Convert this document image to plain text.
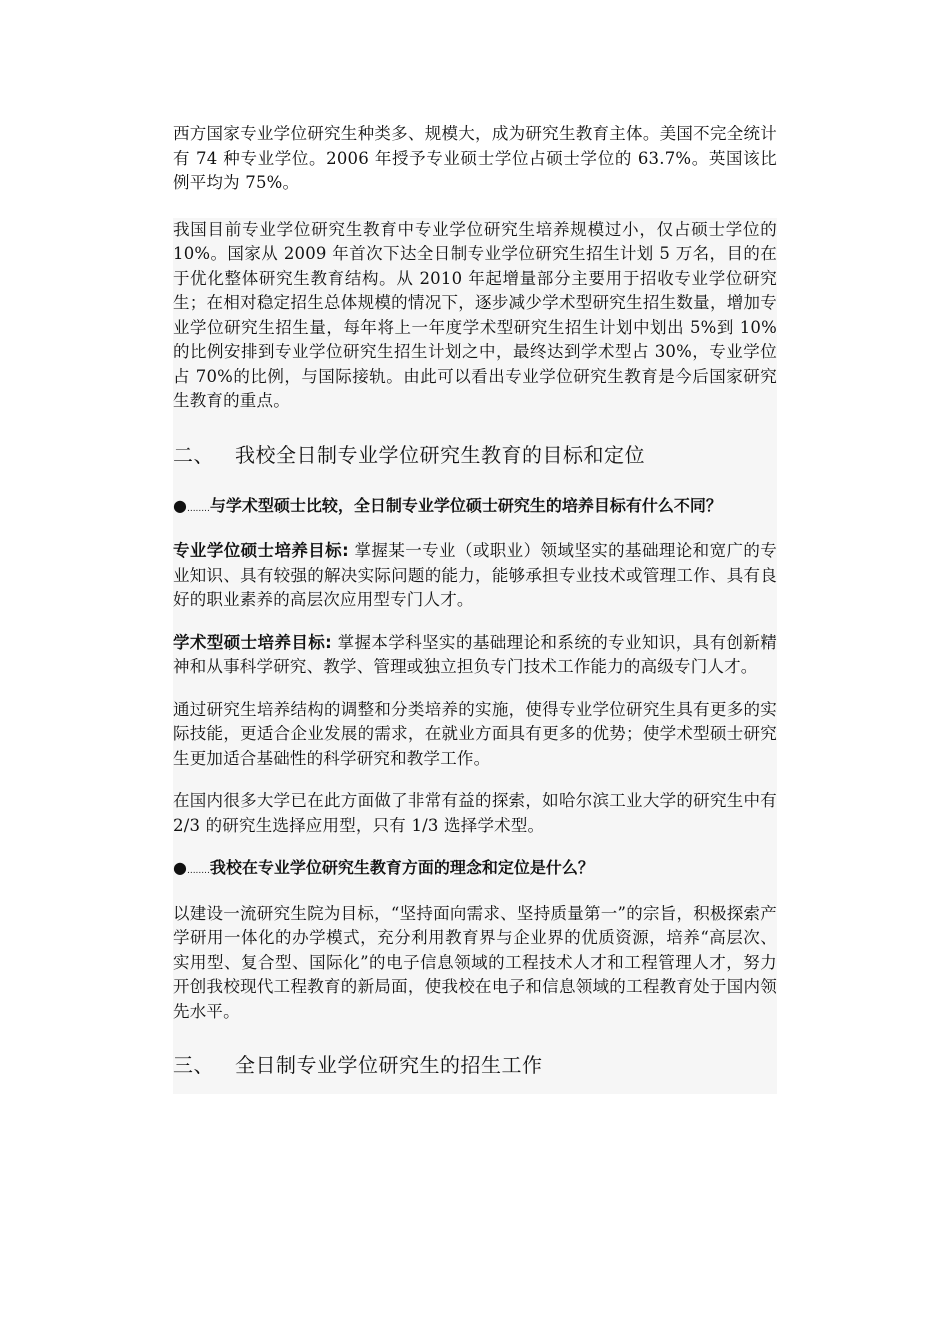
西方国家专业学位研究生种类多、规模大，成为研究生教育主体。美国不完全统计有 74 种专业学位。2006 年授予专业硕士学位占硕士学位的 63.7%。英国该比例平均为 75%。

我国目前专业学位研究生教育中专业学位研究生培养规模过小，仅占硕士学位的 10%。国家从 2009 年首次下达全日制专业学位研究生招生计划 5 万名，目的在于优化整体研究生教育结构。从 2010 年起增量部分主要用于招收专业学位研究生；在相对稳定招生总体规模的情况下，逐步减少学术型研究生招生数量，增加专业学位研究生招生量，每年将上一年度学术型研究生招生计划中划出 5%到 10%的比例安排到专业学位研究生招生计划之中，最终达到学术型占 30%，专业学位占 70%的比例，与国际接轨。由此可以看出专业学位研究生教育是今后国家研究生教育的重点。

二、 我校全日制专业学位研究生教育的目标和定位

●........与学术型硕士比较，全日制专业学位硕士研究生的培养目标有什么不同？

专业学位硕士培养目标: 掌握某一专业（或职业）领域坚实的基础理论和宽广的专业知识、具有较强的解决实际问题的能力，能够承担专业技术或管理工作、具有良好的职业素养的高层次应用型专门人才。

学术型硕士培养目标: 掌握本学科坚实的基础理论和系统的专业知识，具有创新精神和从事科学研究、教学、管理或独立担负专门技术工作能力的高级专门人才。

通过研究生培养结构的调整和分类培养的实施，使得专业学位研究生具有更多的实际技能，更适合企业发展的需求，在就业方面具有更多的优势；使学术型硕士研究生更加适合基础性的科学研究和教学工作。

在国内很多大学已在此方面做了非常有益的探索，如哈尔滨工业大学的研究生中有 2/3 的研究生选择应用型，只有 1/3 选择学术型。

●........我校在专业学位研究生教育方面的理念和定位是什么？

以建设一流研究生院为目标，“坚持面向需求、坚持质量第一”的宗旨，积极探索产学研用一体化的办学模式，充分利用教育界与企业界的优质资源，培养“高层次、实用型、复合型、国际化”的电子信息领域的工程技术人才和工程管理人才，努力开创我校现代工程教育的新局面，使我校在电子和信息领域的工程教育处于国内领先水平。

三、 全日制专业学位研究生的招生工作
